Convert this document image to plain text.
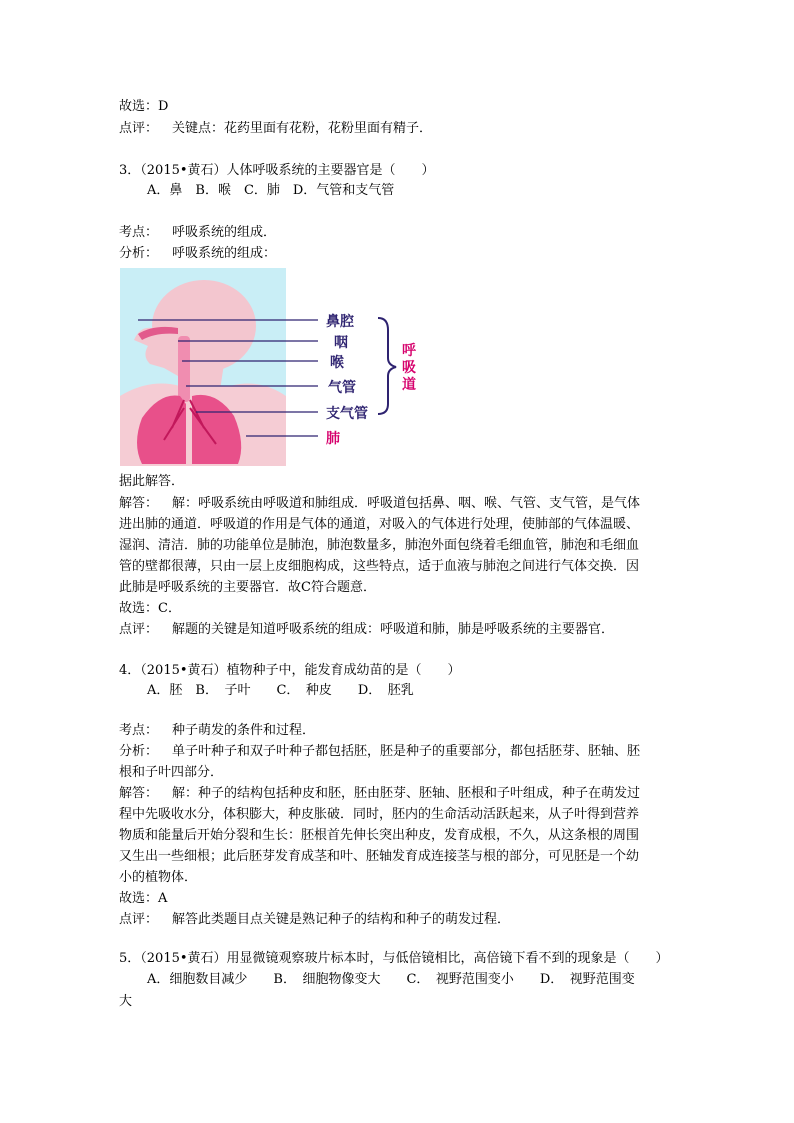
故选：D
点评： 关键点：花药里面有花粉，花粉里面有精子．
3．（2015•黄石）人体呼吸系统的主要器官是（　　）
A．鼻　B．喉　C．肺　D．气管和支气管
考点： 呼吸系统的组成．
分析： 呼吸系统的组成：
鼻腔
咽
喉
气管
支气管
肺
呼
吸
道
据此解答．
解答： 解：呼吸系统由呼吸道和肺组成．呼吸道包括鼻、咽、喉、气管、支气管，是气体
进出肺的通道．呼吸道的作用是气体的通道，对吸入的气体进行处理，使肺部的气体温暖、
湿润、清洁．肺的功能单位是肺泡，肺泡数量多，肺泡外面包绕着毛细血管，肺泡和毛细血
管的壁都很薄，只由一层上皮细胞构成，这些特点，适于血液与肺泡之间进行气体交换．因
此肺是呼吸系统的主要器官．故C符合题意．
故选：C．
点评： 解题的关键是知道呼吸系统的组成：呼吸道和肺，肺是呼吸系统的主要器官．
4．（2015•黄石）植物种子中，能发育成幼苗的是（　　）
A．胚　B．　子叶　　C．　种皮　　D．　胚乳
考点： 种子萌发的条件和过程．
分析： 单子叶种子和双子叶种子都包括胚，胚是种子的重要部分，都包括胚芽、胚轴、胚
根和子叶四部分．
解答： 解：种子的结构包括种皮和胚，胚由胚芽、胚轴、胚根和子叶组成，种子在萌发过
程中先吸收水分，体积膨大，种皮胀破．同时，胚内的生命活动活跃起来，从子叶得到营养
物质和能量后开始分裂和生长：胚根首先伸长突出种皮，发育成根，不久，从这条根的周围
又生出一些细根；此后胚芽发育成茎和叶、胚轴发育成连接茎与根的部分，可见胚是一个幼
小的植物体．
故选：A
点评： 解答此类题目点关键是熟记种子的结构和种子的萌发过程．
5．（2015•黄石）用显微镜观察玻片标本时，与低倍镜相比，高倍镜下看不到的现象是（　　）
A．细胞数目减少　　B．　细胞物像变大　　C．　视野范围变小　　D．　视野范围变
大
